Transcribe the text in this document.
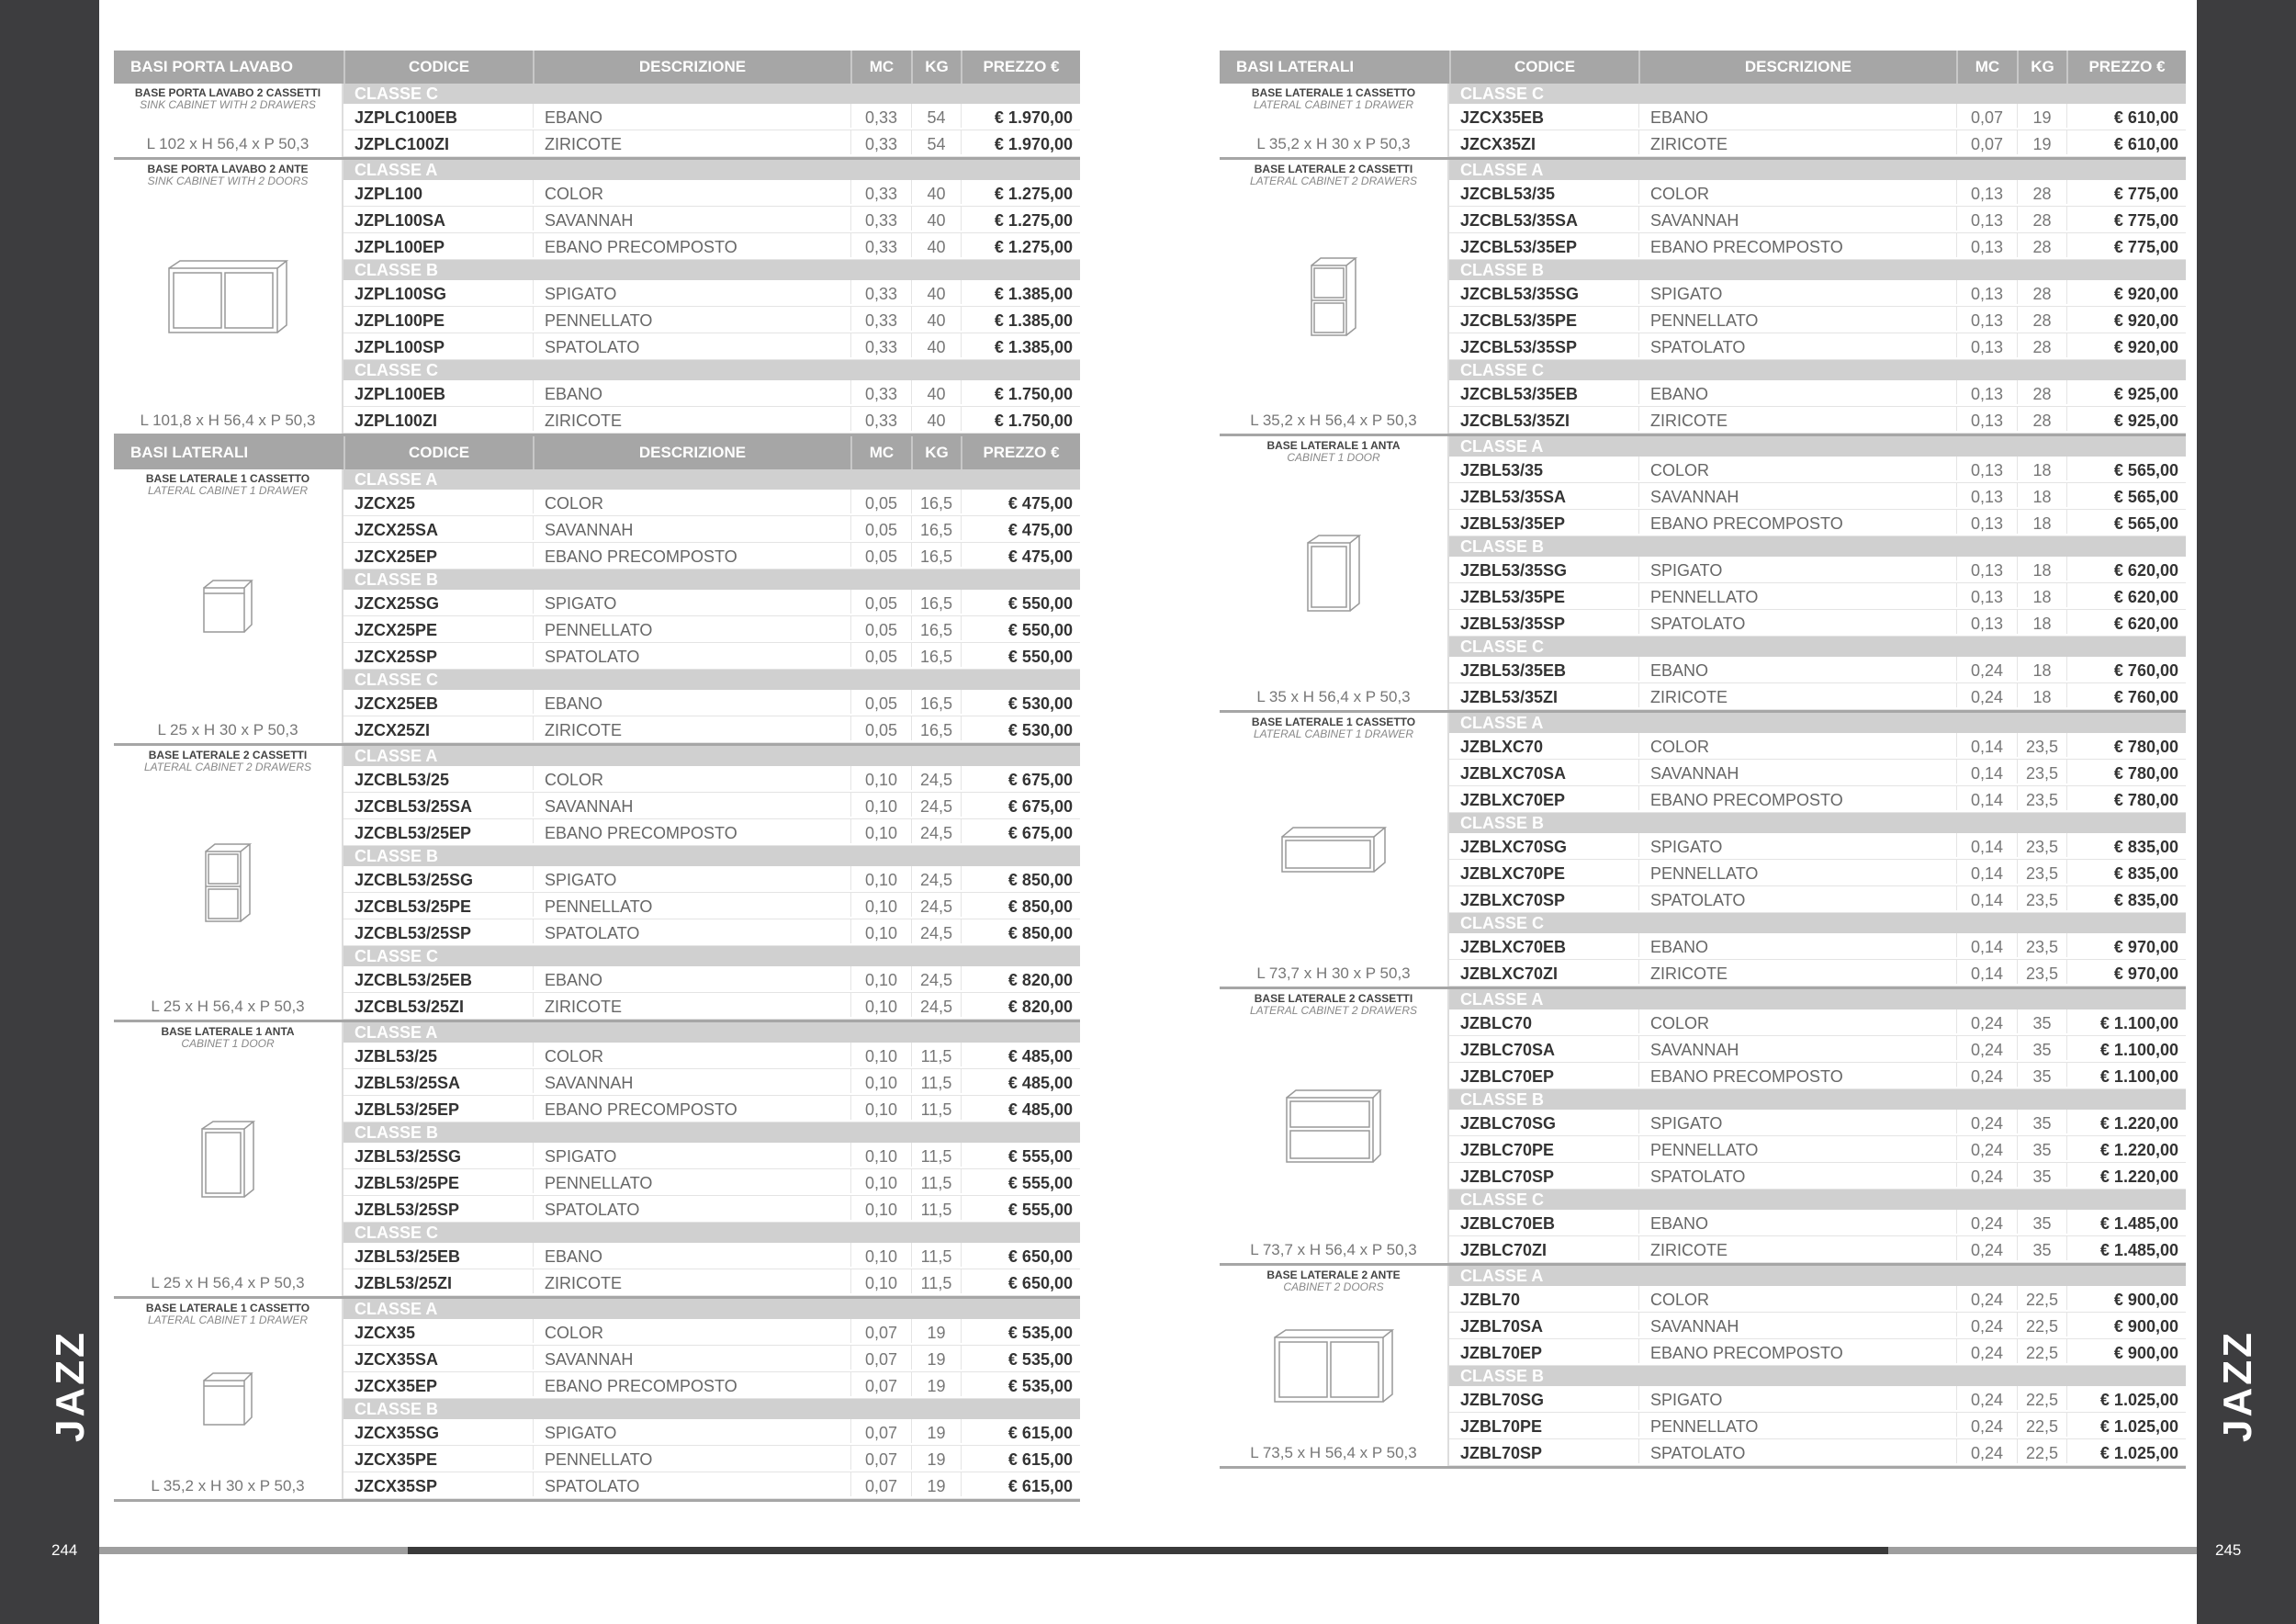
JAZZ	JAZZ
244	245
BASI PORTA LAVABO	CODICE	DESCRIZIONE	MC	KG	PREZZO €
BASE PORTA LAVABO 2 CASSETTI
SINK CABINET WITH 2 DRAWERS
L 102 x H 56,4 x P 50,3
CLASSE C
JZPLC100EB	EBANO	0,33	54	€ 1.970,00
JZPLC100ZI	ZIRICOTE	0,33	54	€ 1.970,00
BASE PORTA LAVABO 2 ANTE
SINK CABINET WITH 2 DOORS
L 101,8 x H 56,4 x P 50,3
CLASSE A
JZPL100	COLOR	0,33	40	€ 1.275,00
JZPL100SA	SAVANNAH	0,33	40	€ 1.275,00
JZPL100EP	EBANO PRECOMPOSTO	0,33	40	€ 1.275,00
CLASSE B
JZPL100SG	SPIGATO	0,33	40	€ 1.385,00
JZPL100PE	PENNELLATO	0,33	40	€ 1.385,00
JZPL100SP	SPATOLATO	0,33	40	€ 1.385,00
CLASSE C
JZPL100EB	EBANO	0,33	40	€ 1.750,00
JZPL100ZI	ZIRICOTE	0,33	40	€ 1.750,00
BASI LATERALI	CODICE	DESCRIZIONE	MC	KG	PREZZO €
BASE LATERALE 1 CASSETTO
LATERAL CABINET 1 DRAWER
L 25 x H 30 x P 50,3
CLASSE A
JZCX25	COLOR	0,05	16,5	€ 475,00
JZCX25SA	SAVANNAH	0,05	16,5	€ 475,00
JZCX25EP	EBANO PRECOMPOSTO	0,05	16,5	€ 475,00
CLASSE B
JZCX25SG	SPIGATO	0,05	16,5	€ 550,00
JZCX25PE	PENNELLATO	0,05	16,5	€ 550,00
JZCX25SP	SPATOLATO	0,05	16,5	€ 550,00
CLASSE C
JZCX25EB	EBANO	0,05	16,5	€ 530,00
JZCX25ZI	ZIRICOTE	0,05	16,5	€ 530,00
BASE LATERALE 2 CASSETTI
LATERAL CABINET 2 DRAWERS
L 25 x H 56,4 x P 50,3
CLASSE A
JZCBL53/25	COLOR	0,10	24,5	€ 675,00
JZCBL53/25SA	SAVANNAH	0,10	24,5	€ 675,00
JZCBL53/25EP	EBANO PRECOMPOSTO	0,10	24,5	€ 675,00
CLASSE B
JZCBL53/25SG	SPIGATO	0,10	24,5	€ 850,00
JZCBL53/25PE	PENNELLATO	0,10	24,5	€ 850,00
JZCBL53/25SP	SPATOLATO	0,10	24,5	€ 850,00
CLASSE C
JZCBL53/25EB	EBANO	0,10	24,5	€ 820,00
JZCBL53/25ZI	ZIRICOTE	0,10	24,5	€ 820,00
BASE LATERALE 1 ANTA
CABINET 1 DOOR
L 25 x H 56,4 x P 50,3
CLASSE A
JZBL53/25	COLOR	0,10	11,5	€ 485,00
JZBL53/25SA	SAVANNAH	0,10	11,5	€ 485,00
JZBL53/25EP	EBANO PRECOMPOSTO	0,10	11,5	€ 485,00
CLASSE B
JZBL53/25SG	SPIGATO	0,10	11,5	€ 555,00
JZBL53/25PE	PENNELLATO	0,10	11,5	€ 555,00
JZBL53/25SP	SPATOLATO	0,10	11,5	€ 555,00
CLASSE C
JZBL53/25EB	EBANO	0,10	11,5	€ 650,00
JZBL53/25ZI	ZIRICOTE	0,10	11,5	€ 650,00
BASE LATERALE 1 CASSETTO
LATERAL CABINET 1 DRAWER
L 35,2 x H 30 x P 50,3
CLASSE A
JZCX35	COLOR	0,07	19	€ 535,00
JZCX35SA	SAVANNAH	0,07	19	€ 535,00
JZCX35EP	EBANO PRECOMPOSTO	0,07	19	€ 535,00
CLASSE B
JZCX35SG	SPIGATO	0,07	19	€ 615,00
JZCX35PE	PENNELLATO	0,07	19	€ 615,00
JZCX35SP	SPATOLATO	0,07	19	€ 615,00
BASI LATERALI	CODICE	DESCRIZIONE	MC	KG	PREZZO €
BASE LATERALE 1 CASSETTO
LATERAL CABINET 1 DRAWER
L 35,2 x H 30 x P 50,3
CLASSE C
JZCX35EB	EBANO	0,07	19	€ 610,00
JZCX35ZI	ZIRICOTE	0,07	19	€ 610,00
BASE LATERALE 2 CASSETTI
LATERAL CABINET 2 DRAWERS
L 35,2 x H 56,4 x P 50,3
CLASSE A
JZCBL53/35	COLOR	0,13	28	€ 775,00
JZCBL53/35SA	SAVANNAH	0,13	28	€ 775,00
JZCBL53/35EP	EBANO PRECOMPOSTO	0,13	28	€ 775,00
CLASSE B
JZCBL53/35SG	SPIGATO	0,13	28	€ 920,00
JZCBL53/35PE	PENNELLATO	0,13	28	€ 920,00
JZCBL53/35SP	SPATOLATO	0,13	28	€ 920,00
CLASSE C
JZCBL53/35EB	EBANO	0,13	28	€ 925,00
JZCBL53/35ZI	ZIRICOTE	0,13	28	€ 925,00
BASE LATERALE 1 ANTA
CABINET 1 DOOR
L 35 x H 56,4 x P 50,3
CLASSE A
JZBL53/35	COLOR	0,13	18	€ 565,00
JZBL53/35SA	SAVANNAH	0,13	18	€ 565,00
JZBL53/35EP	EBANO PRECOMPOSTO	0,13	18	€ 565,00
CLASSE B
JZBL53/35SG	SPIGATO	0,13	18	€ 620,00
JZBL53/35PE	PENNELLATO	0,13	18	€ 620,00
JZBL53/35SP	SPATOLATO	0,13	18	€ 620,00
CLASSE C
JZBL53/35EB	EBANO	0,24	18	€ 760,00
JZBL53/35ZI	ZIRICOTE	0,24	18	€ 760,00
BASE LATERALE 1 CASSETTO
LATERAL CABINET 1 DRAWER
L 73,7 x H 30 x P 50,3
CLASSE A
JZBLXC70	COLOR	0,14	23,5	€ 780,00
JZBLXC70SA	SAVANNAH	0,14	23,5	€ 780,00
JZBLXC70EP	EBANO PRECOMPOSTO	0,14	23,5	€ 780,00
CLASSE B
JZBLXC70SG	SPIGATO	0,14	23,5	€ 835,00
JZBLXC70PE	PENNELLATO	0,14	23,5	€ 835,00
JZBLXC70SP	SPATOLATO	0,14	23,5	€ 835,00
CLASSE C
JZBLXC70EB	EBANO	0,14	23,5	€ 970,00
JZBLXC70ZI	ZIRICOTE	0,14	23,5	€ 970,00
BASE LATERALE 2 CASSETTI
LATERAL CABINET 2 DRAWERS
L 73,7 x H 56,4 x P 50,3
CLASSE A
JZBLC70	COLOR	0,24	35	€ 1.100,00
JZBLC70SA	SAVANNAH	0,24	35	€ 1.100,00
JZBLC70EP	EBANO PRECOMPOSTO	0,24	35	€ 1.100,00
CLASSE B
JZBLC70SG	SPIGATO	0,24	35	€ 1.220,00
JZBLC70PE	PENNELLATO	0,24	35	€ 1.220,00
JZBLC70SP	SPATOLATO	0,24	35	€ 1.220,00
CLASSE C
JZBLC70EB	EBANO	0,24	35	€ 1.485,00
JZBLC70ZI	ZIRICOTE	0,24	35	€ 1.485,00
BASE LATERALE 2 ANTE
CABINET 2 DOORS
L 73,5 x H 56,4 x P 50,3
CLASSE A
JZBL70	COLOR	0,24	22,5	€ 900,00
JZBL70SA	SAVANNAH	0,24	22,5	€ 900,00
JZBL70EP	EBANO PRECOMPOSTO	0,24	22,5	€ 900,00
CLASSE B
JZBL70SG	SPIGATO	0,24	22,5	€ 1.025,00
JZBL70PE	PENNELLATO	0,24	22,5	€ 1.025,00
JZBL70SP	SPATOLATO	0,24	22,5	€ 1.025,00
